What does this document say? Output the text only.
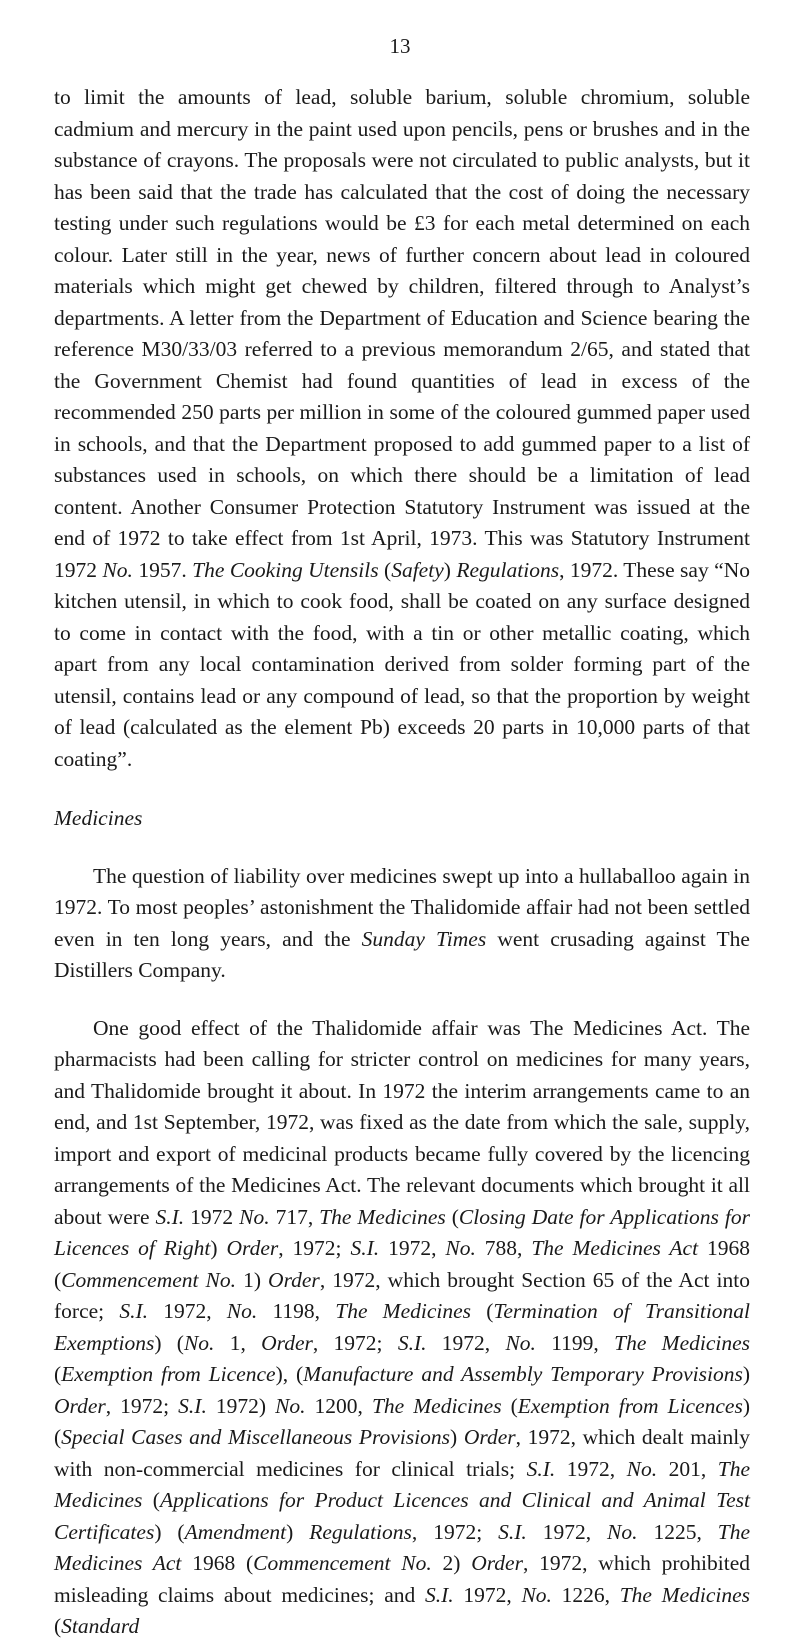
13

to limit the amounts of lead, soluble barium, soluble chromium, soluble cadmium and mercury in the paint used upon pencils, pens or brushes and in the substance of crayons. The proposals were not circulated to public analysts, but it has been said that the trade has calculated that the cost of doing the necessary testing under such regulations would be £3 for each metal determined on each colour. Later still in the year, news of further concern about lead in coloured materials which might get chewed by children, filtered through to Analyst’s departments. A letter from the Department of Education and Science bearing the reference M30/33/03 referred to a previous memorandum 2/65, and stated that the Government Chemist had found quantities of lead in excess of the recommended 250 parts per million in some of the coloured gummed paper used in schools, and that the Department proposed to add gummed paper to a list of substances used in schools, on which there should be a limitation of lead content. Another Consumer Protection Statutory Instrument was issued at the end of 1972 to take effect from 1st April, 1973. This was Statutory Instrument 1972 No. 1957. The Cooking Utensils (Safety) Regulations, 1972. These say “No kitchen utensil, in which to cook food, shall be coated on any surface designed to come in contact with the food, with a tin or other metallic coating, which apart from any local contamination derived from solder forming part of the utensil, contains lead or any compound of lead, so that the proportion by weight of lead (calculated as the element Pb) exceeds 20 parts in 10,000 parts of that coating”.

Medicines

The question of liability over medicines swept up into a hullaballoo again in 1972. To most peoples’ astonishment the Thalidomide affair had not been settled even in ten long years, and the Sunday Times went crusading against The Distillers Company.

One good effect of the Thalidomide affair was The Medicines Act. The pharmacists had been calling for stricter control on medicines for many years, and Thalidomide brought it about. In 1972 the interim arrangements came to an end, and 1st September, 1972, was fixed as the date from which the sale, supply, import and export of medicinal products became fully covered by the licencing arrangements of the Medicines Act. The relevant documents which brought it all about were S.I. 1972 No. 717, The Medicines (Closing Date for Applications for Licences of Right) Order, 1972; S.I. 1972, No. 788, The Medicines Act 1968 (Commencement No. 1) Order, 1972, which brought Section 65 of the Act into force; S.I. 1972, No. 1198, The Medicines (Termination of Transitional Exemptions) (No. 1, Order, 1972; S.I. 1972, No. 1199, The Medicines (Exemption from Licence), (Manufacture and Assembly Temporary Provisions) Order, 1972; S.I. 1972) No. 1200, The Medicines (Exemption from Licences) (Special Cases and Miscellaneous Provisions) Order, 1972, which dealt mainly with non-commercial medicines for clinical trials; S.I. 1972, No. 201, The Medicines (Applications for Product Licences and Clinical and Animal Test Certificates) (Amendment) Regulations, 1972; S.I. 1972, No. 1225, The Medicines Act 1968 (Commencement No. 2) Order, 1972, which prohibited misleading claims about medicines; and S.I. 1972, No. 1226, The Medicines (Standard
